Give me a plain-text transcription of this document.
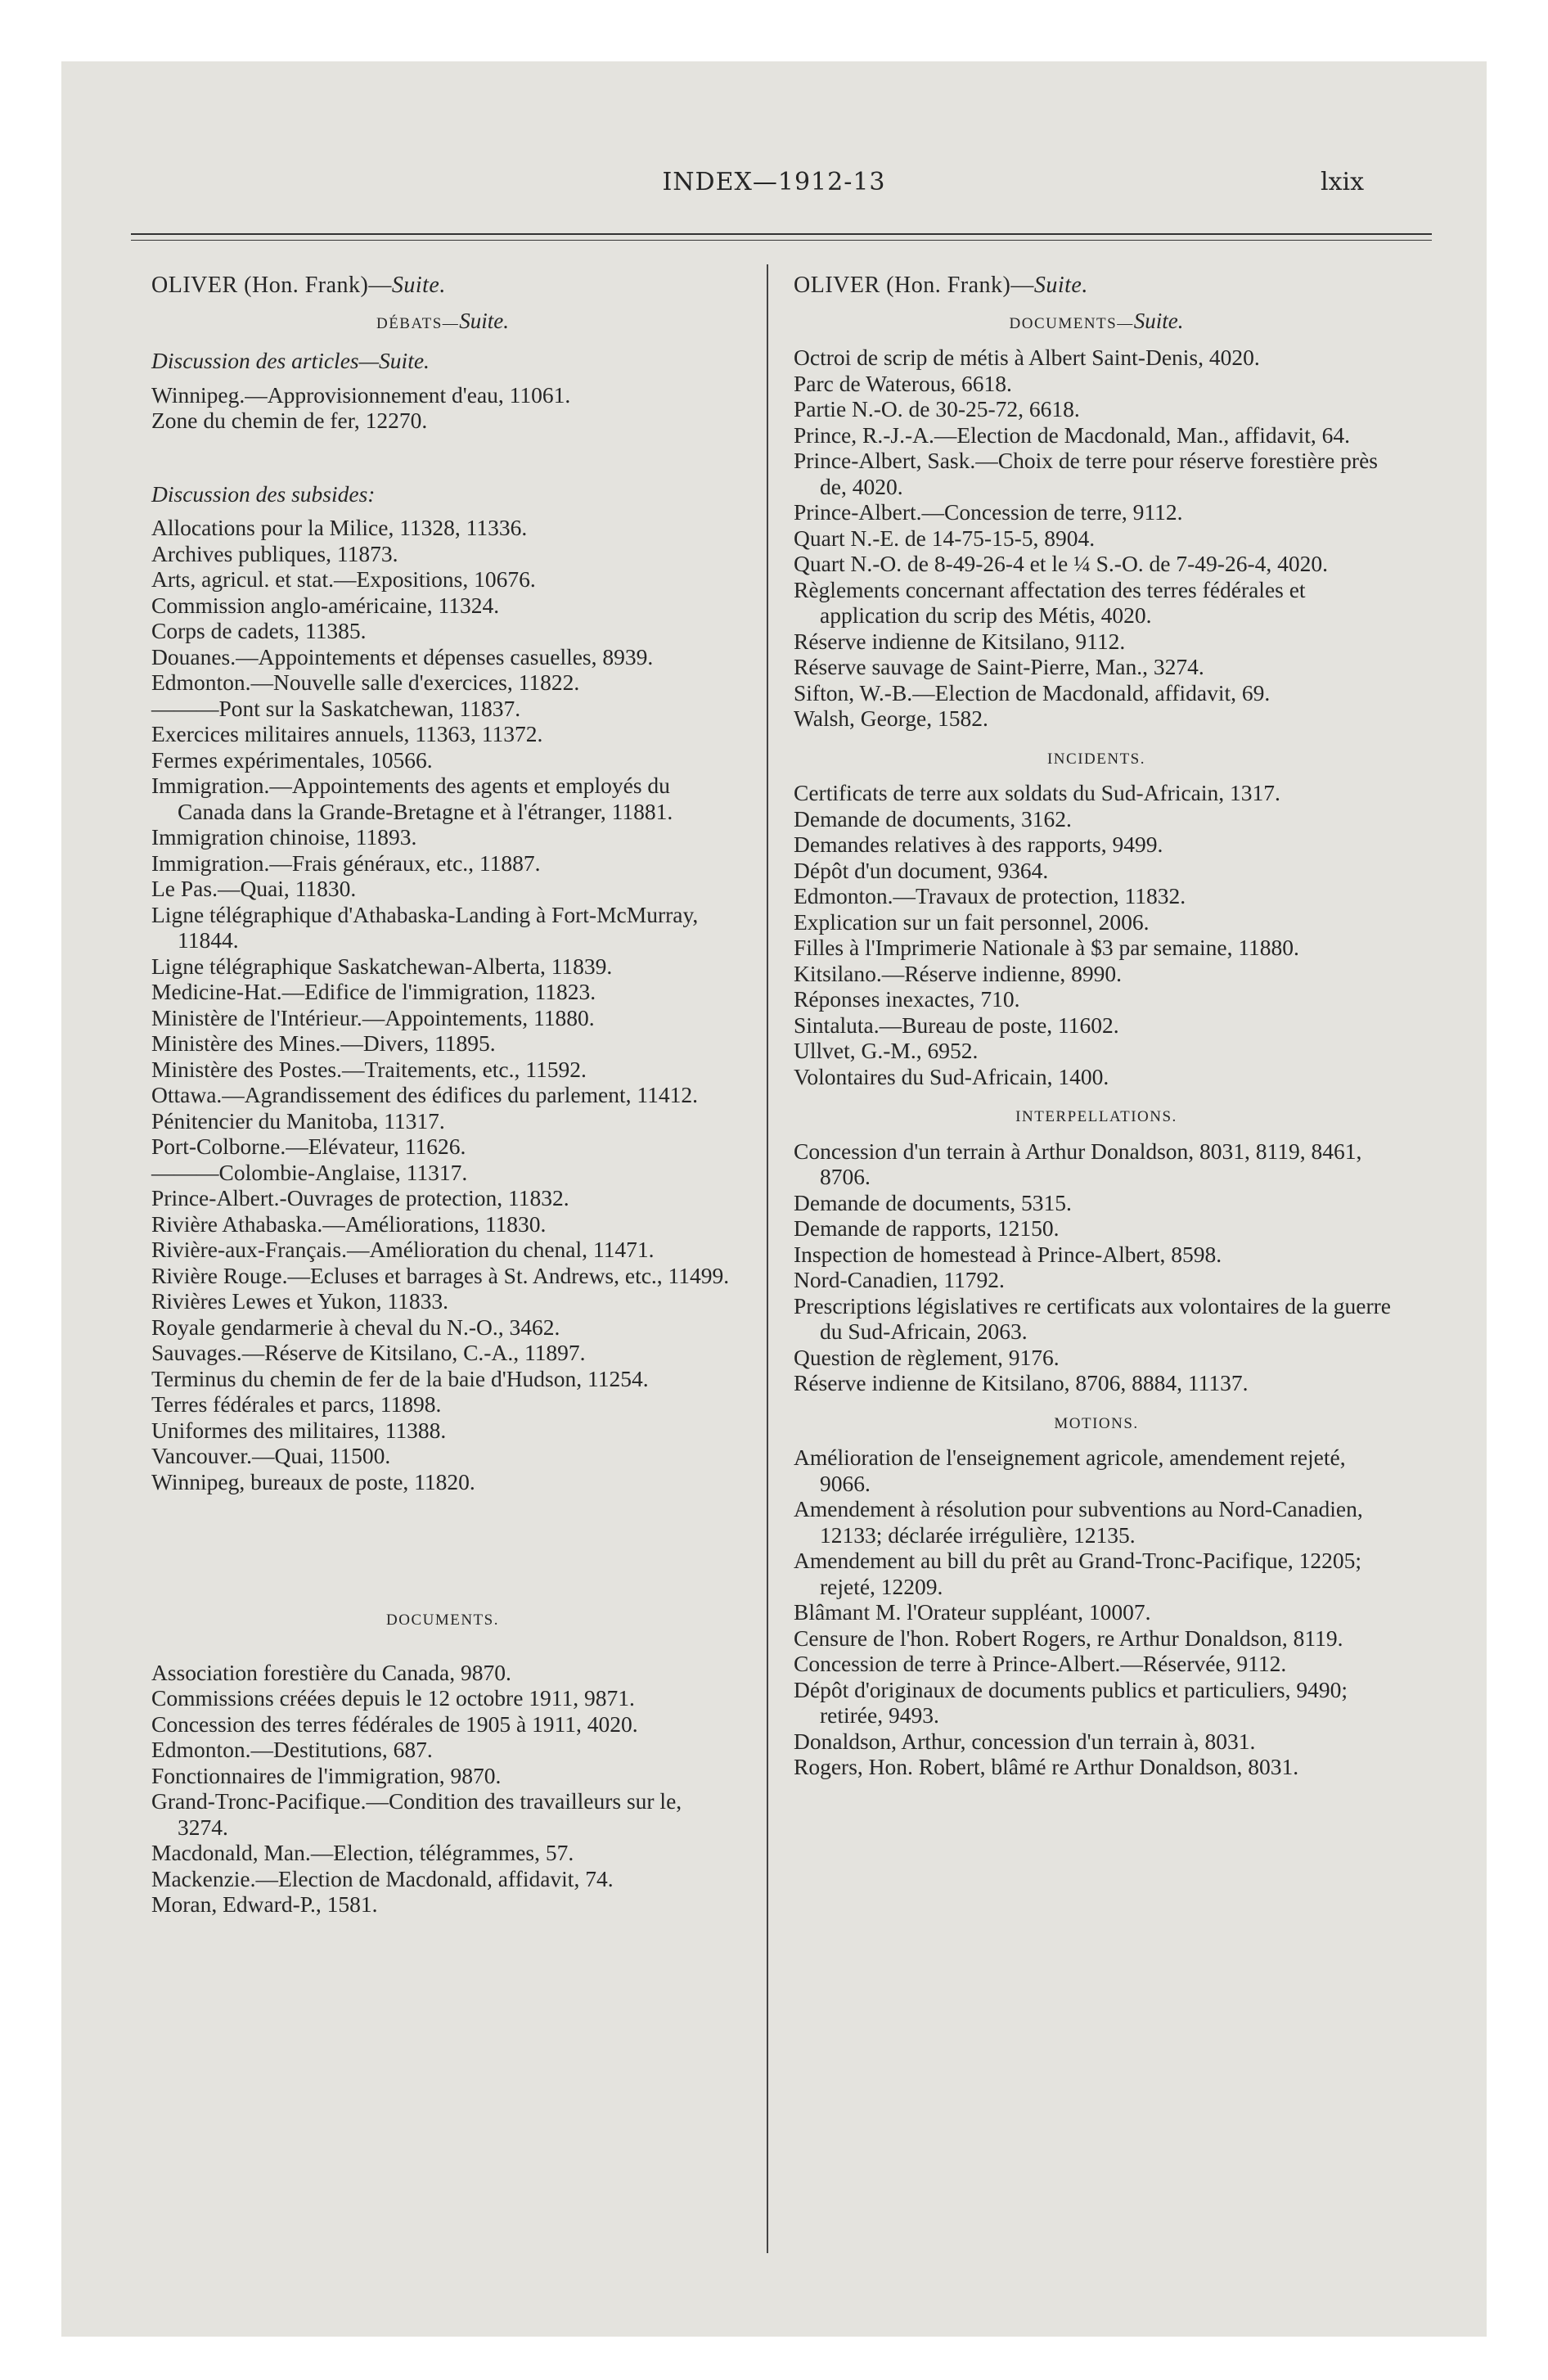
INDEX—1912-13	lxix
OLIVER (Hon. Frank)—Suite.
DÉBATS—Suite.
Discussion des articles—Suite.
Winnipeg.—Approvisionnement d'eau, 11061.
Zone du chemin de fer, 12270.
Discussion des subsides:
Allocations pour la Milice, 11328, 11336.
Archives publiques, 11873.
Arts, agricul. et stat.—Expositions, 10676.
Commission anglo-américaine, 11324.
Corps de cadets, 11385.
Douanes.—Appointements et dépenses casuelles, 8939.
Edmonton.—Nouvelle salle d'exercices, 11822.
———Pont sur la Saskatchewan, 11837.
Exercices militaires annuels, 11363, 11372.
Fermes expérimentales, 10566.
Immigration.—Appointements des agents et employés du Canada dans la Grande-Bretagne et à l'étranger, 11881.
Immigration chinoise, 11893.
Immigration.—Frais généraux, etc., 11887.
Le Pas.—Quai, 11830.
Ligne télégraphique d'Athabaska-Landing à Fort-McMurray, 11844.
Ligne télégraphique Saskatchewan-Alberta, 11839.
Medicine-Hat.—Edifice de l'immigration, 11823.
Ministère de l'Intérieur.—Appointements, 11880.
Ministère des Mines.—Divers, 11895.
Ministère des Postes.—Traitements, etc., 11592.
Ottawa.—Agrandissement des édifices du parlement, 11412.
Pénitencier du Manitoba, 11317.
Port-Colborne.—Elévateur, 11626.
———Colombie-Anglaise, 11317.
Prince-Albert.-Ouvrages de protection, 11832.
Rivière Athabaska.—Améliorations, 11830.
Rivière-aux-Français.—Amélioration du chenal, 11471.
Rivière Rouge.—Ecluses et barrages à St. Andrews, etc., 11499.
Rivières Lewes et Yukon, 11833.
Royale gendarmerie à cheval du N.-O., 3462.
Sauvages.—Réserve de Kitsilano, C.-A., 11897.
Terminus du chemin de fer de la baie d'Hudson, 11254.
Terres fédérales et parcs, 11898.
Uniformes des militaires, 11388.
Vancouver.—Quai, 11500.
Winnipeg, bureaux de poste, 11820.
DOCUMENTS.
Association forestière du Canada, 9870.
Commissions créées depuis le 12 octobre 1911, 9871.
Concession des terres fédérales de 1905 à 1911, 4020.
Edmonton.—Destitutions, 687.
Fonctionnaires de l'immigration, 9870.
Grand-Tronc-Pacifique.—Condition des travailleurs sur le, 3274.
Macdonald, Man.—Election, télégrammes, 57.
Mackenzie.—Election de Macdonald, affidavit, 74.
Moran, Edward-P., 1581.
OLIVER (Hon. Frank)—Suite.
DOCUMENTS—Suite.
Octroi de scrip de métis à Albert Saint-Denis, 4020.
Parc de Waterous, 6618.
Partie N.-O. de 30-25-72, 6618.
Prince, R.-J.-A.—Election de Macdonald, Man., affidavit, 64.
Prince-Albert, Sask.—Choix de terre pour réserve forestière près de, 4020.
Prince-Albert.—Concession de terre, 9112.
Quart N.-E. de 14-75-15-5, 8904.
Quart N.-O. de 8-49-26-4 et le ¼ S.-O. de 7-49-26-4, 4020.
Règlements concernant affectation des terres fédérales et application du scrip des Métis, 4020.
Réserve indienne de Kitsilano, 9112.
Réserve sauvage de Saint-Pierre, Man., 3274.
Sifton, W.-B.—Election de Macdonald, affidavit, 69.
Walsh, George, 1582.
INCIDENTS.
Certificats de terre aux soldats du Sud-Africain, 1317.
Demande de documents, 3162.
Demandes relatives à des rapports, 9499.
Dépôt d'un document, 9364.
Edmonton.—Travaux de protection, 11832.
Explication sur un fait personnel, 2006.
Filles à l'Imprimerie Nationale à $3 par semaine, 11880.
Kitsilano.—Réserve indienne, 8990.
Réponses inexactes, 710.
Sintaluta.—Bureau de poste, 11602.
Ullvet, G.-M., 6952.
Volontaires du Sud-Africain, 1400.
INTERPELLATIONS.
Concession d'un terrain à Arthur Donaldson, 8031, 8119, 8461, 8706.
Demande de documents, 5315.
Demande de rapports, 12150.
Inspection de homestead à Prince-Albert, 8598.
Nord-Canadien, 11792.
Prescriptions législatives re certificats aux volontaires de la guerre du Sud-Africain, 2063.
Question de règlement, 9176.
Réserve indienne de Kitsilano, 8706, 8884, 11137.
MOTIONS.
Amélioration de l'enseignement agricole, amendement rejeté, 9066.
Amendement à résolution pour subventions au Nord-Canadien, 12133; déclarée irrégulière, 12135.
Amendement au bill du prêt au Grand-Tronc-Pacifique, 12205; rejeté, 12209.
Blâmant M. l'Orateur suppléant, 10007.
Censure de l'hon. Robert Rogers, re Arthur Donaldson, 8119.
Concession de terre à Prince-Albert.—Réservée, 9112.
Dépôt d'originaux de documents publics et particuliers, 9490; retirée, 9493.
Donaldson, Arthur, concession d'un terrain à, 8031.
Rogers, Hon. Robert, blâmé re Arthur Donaldson, 8031.
